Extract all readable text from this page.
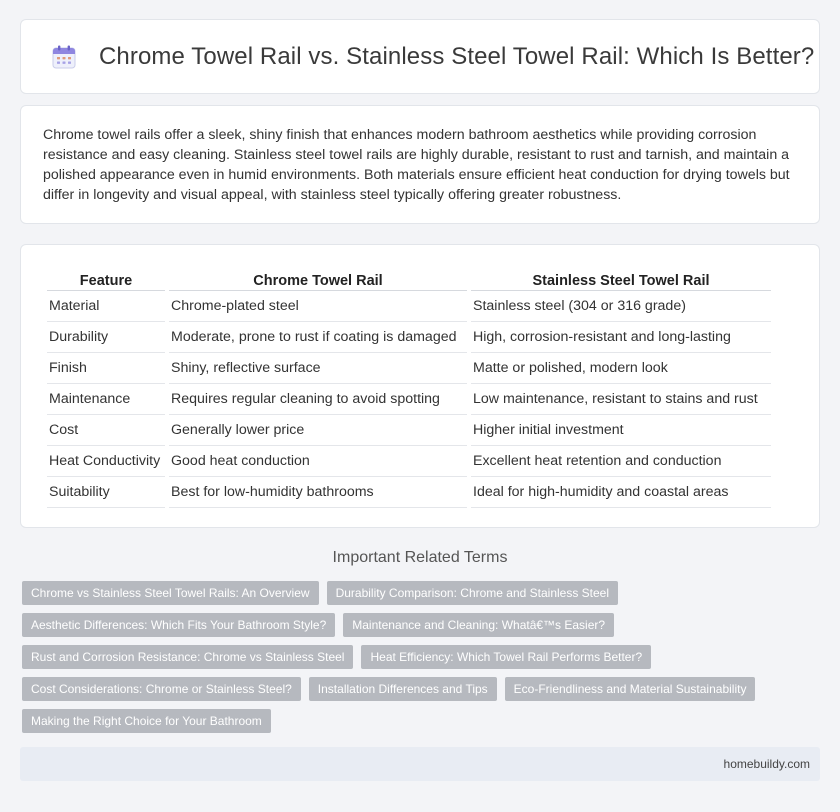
Chrome Towel Rail vs. Stainless Steel Towel Rail: Which Is Better?

Chrome towel rails offer a sleek, shiny finish that enhances modern bathroom aesthetics while providing corrosion resistance and easy cleaning. Stainless steel towel rails are highly durable, resistant to rust and tarnish, and maintain a polished appearance even in humid environments. Both materials ensure efficient heat conduction for drying towels but differ in longevity and visual appeal, with stainless steel typically offering greater robustness.

Feature	Chrome Towel Rail	Stainless Steel Towel Rail
Material	Chrome-plated steel	Stainless steel (304 or 316 grade)
Durability	Moderate, prone to rust if coating is damaged	High, corrosion-resistant and long-lasting
Finish	Shiny, reflective surface	Matte or polished, modern look
Maintenance	Requires regular cleaning to avoid spotting	Low maintenance, resistant to stains and rust
Cost	Generally lower price	Higher initial investment
Heat Conductivity	Good heat conduction	Excellent heat retention and conduction
Suitability	Best for low-humidity bathrooms	Ideal for high-humidity and coastal areas
Important Related Terms
Chrome vs Stainless Steel Towel Rails: An Overview	Durability Comparison: Chrome and Stainless Steel
Aesthetic Differences: Which Fits Your Bathroom Style?	Maintenance and Cleaning: Whatâ€™s Easier?
Rust and Corrosion Resistance: Chrome vs Stainless Steel	Heat Efficiency: Which Towel Rail Performs Better?
Cost Considerations: Chrome or Stainless Steel?	Installation Differences and Tips	Eco-Friendliness and Material Sustainability
Making the Right Choice for Your Bathroom
homebuildy.com
